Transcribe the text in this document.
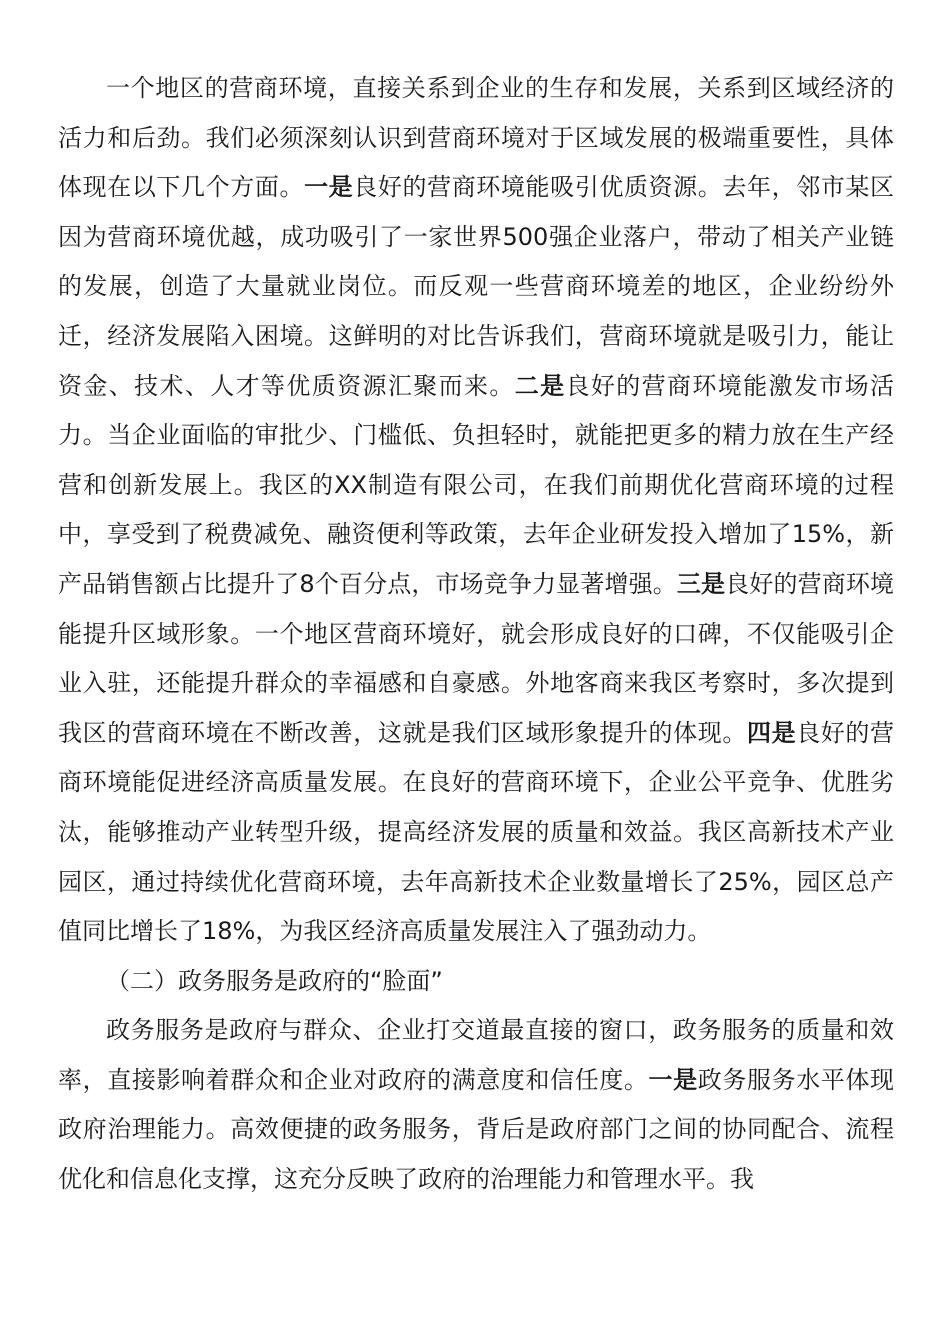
一个地区的营商环境，直接关系到企业的生存和发展，关系到区域经济的活力和后劲。我们必须深刻认识到营商环境对于区域发展的极端重要性，具体体现在以下几个方面。一是良好的营商环境能吸引优质资源。去年，邻市某区因为营商环境优越，成功吸引了一家世界500强企业落户，带动了相关产业链的发展，创造了大量就业岗位。而反观一些营商环境差的地区，企业纷纷外迁，经济发展陷入困境。这鲜明的对比告诉我们，营商环境就是吸引力，能让资金、技术、人才等优质资源汇聚而来。二是良好的营商环境能激发市场活力。当企业面临的审批少、门槛低、负担轻时，就能把更多的精力放在生产经营和创新发展上。我区的XX制造有限公司，在我们前期优化营商环境的过程中，享受到了税费减免、融资便利等政策，去年企业研发投入增加了15%，新产品销售额占比提升了8个百分点，市场竞争力显著增强。三是良好的营商环境能提升区域形象。一个地区营商环境好，就会形成良好的口碑，不仅能吸引企业入驻，还能提升群众的幸福感和自豪感。外地客商来我区考察时，多次提到我区的营商环境在不断改善，这就是我们区域形象提升的体现。四是良好的营商环境能促进经济高质量发展。在良好的营商环境下，企业公平竞争、优胜劣汰，能够推动产业转型升级，提高经济发展的质量和效益。我区高新技术产业园区，通过持续优化营商环境，去年高新技术企业数量增长了25%，园区总产值同比增长了18%，为我区经济高质量发展注入了强劲动力。

（二）政务服务是政府的“脸面”

政务服务是政府与群众、企业打交道最直接的窗口，政务服务的质量和效率，直接影响着群众和企业对政府的满意度和信任度。一是政务服务水平体现政府治理能力。高效便捷的政务服务，背后是政府部门之间的协同配合、流程优化和信息化支撑，这充分反映了政府的治理能力和管理水平。我
